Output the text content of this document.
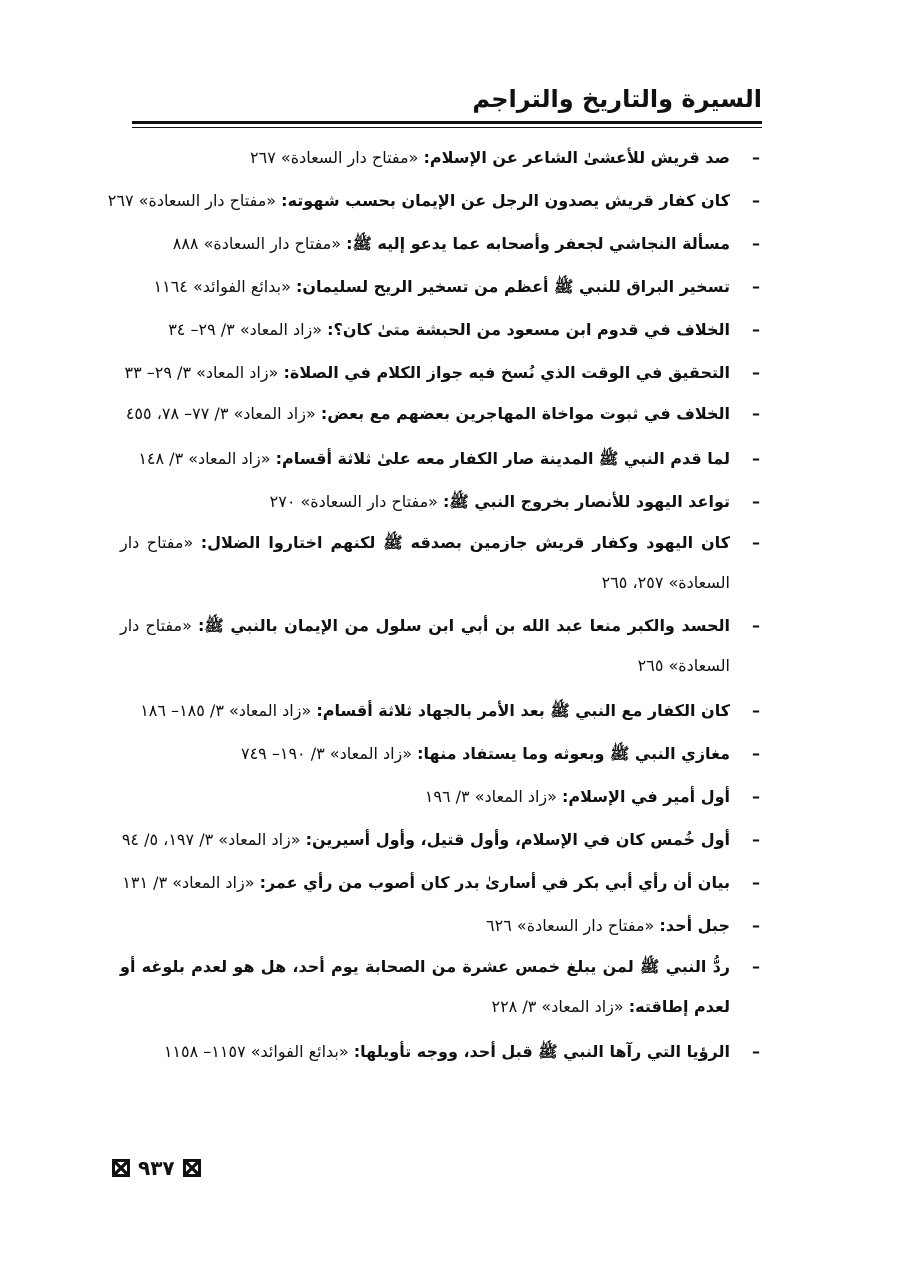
السيرة والتاريخ والتراجم
–
صد قريش للأعشىٰ الشاعر عن الإسلام: «مفتاح دار السعادة» ٢٦٧
–
كان كفار قريش يصدون الرجل عن الإيمان بحسب شهوته: «مفتاح دار السعادة» ٢٦٧
–
مسألة النجاشي لجعفر وأصحابه عما يدعو إليه ﷺ: «مفتاح دار السعادة» ٨٨٨
–
تسخير البراق للنبي ﷺ أعظم من تسخير الريح لسليمان: «بدائع الفوائد» ١١٦٤
–
الخلاف في قدوم ابن مسعود من الحبشة متىٰ كان؟: «زاد المعاد» ٣/ ٢٩– ٣٤
–
التحقيق في الوقت الذي نُسخ فيه جواز الكلام في الصلاة: «زاد المعاد» ٣/ ٢٩– ٣٣
–
الخلاف في ثبوت مواخاة المهاجرين بعضهم مع بعض: «زاد المعاد» ٣/ ٧٧– ٧٨، ٤٥٥
–
لما قدم النبي ﷺ المدينة صار الكفار معه علىٰ ثلاثة أقسام: «زاد المعاد» ٣/ ١٤٨
–
تواعد اليهود للأنصار بخروج النبي ﷺ: «مفتاح دار السعادة» ٢٧٠
–
كان اليهود وكفار قريش جازمين بصدقه ﷺ لكنهم اختاروا الضلال: «مفتاح دار السعادة» ٢٥٧، ٢٦٥
–
الحسد والكبر منعا عبد الله بن أبي ابن سلول من الإيمان بالنبي ﷺ: «مفتاح دار السعادة» ٢٦٥
–
كان الكفار مع النبي ﷺ بعد الأمر بالجهاد ثلاثة أقسام: «زاد المعاد» ٣/ ١٨٥– ١٨٦
–
مغازي النبي ﷺ وبعوثه وما يستفاد منها: «زاد المعاد» ٣/ ١٩٠– ٧٤٩
–
أول أمير في الإسلام: «زاد المعاد» ٣/ ١٩٦
–
أول خُمس كان في الإسلام، وأول قتيل، وأول أسيرين: «زاد المعاد» ٣/ ١٩٧، ٥/ ٩٤
–
بيان أن رأي أبي بكر في أسارىٰ بدر كان أصوب من رأي عمر: «زاد المعاد» ٣/ ١٣١
–
جبل أحد: «مفتاح دار السعادة» ٦٢٦
–
ردُّ النبي ﷺ لمن يبلغ خمس عشرة من الصحابة يوم أحد، هل هو لعدم بلوغه أو لعدم إطاقته: «زاد المعاد» ٣/ ٢٢٨
–
الرؤيا التي رآها النبي ﷺ قبل أحد، ووجه تأويلها: «بدائع الفوائد» ١١٥٧– ١١٥٨
٩٣٧
